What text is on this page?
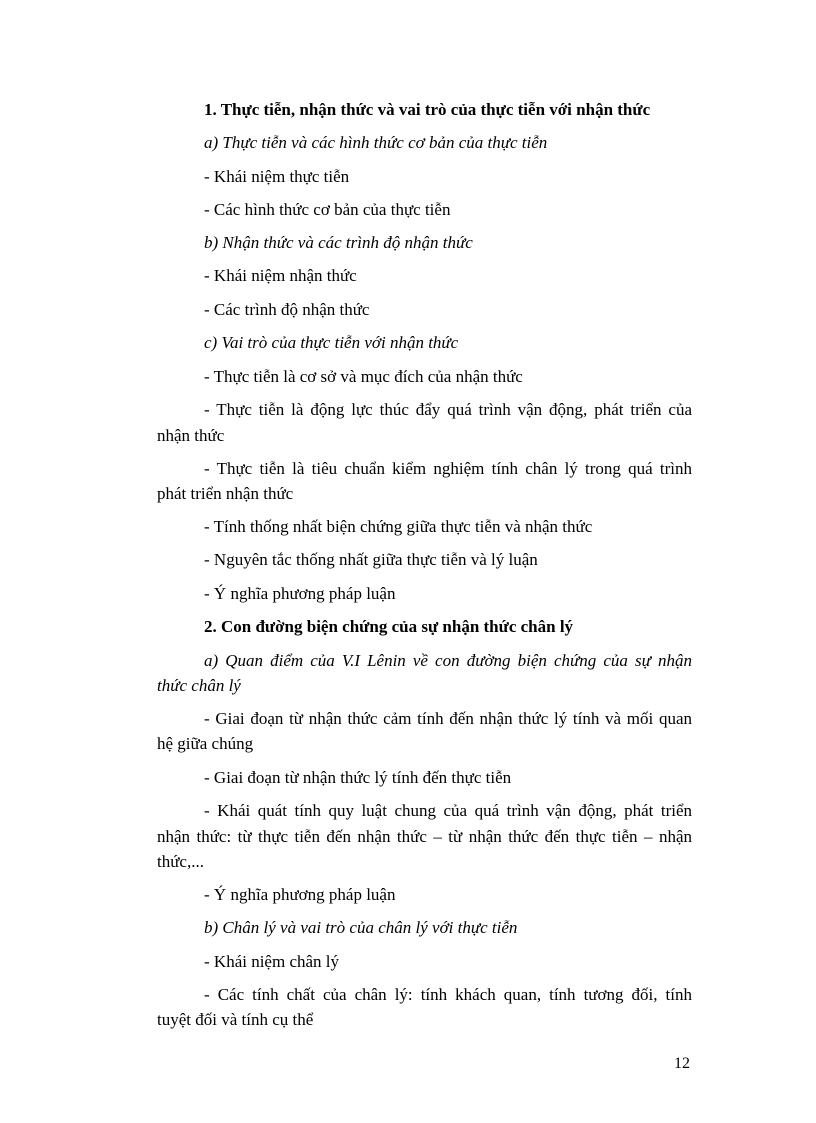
1. Thực tiễn, nhận thức và vai trò của thực tiễn với nhận thức
a) Thực tiễn và các hình thức cơ bản của thực tiễn
- Khái niệm thực tiễn
- Các hình thức cơ bản của thực tiễn
b) Nhận thức và các trình độ nhận thức
- Khái niệm nhận thức
- Các trình độ nhận thức
c) Vai trò của thực tiễn với nhận thức
- Thực tiễn là cơ sở và mục đích của nhận thức
- Thực tiễn là động lực thúc đẩy quá trình vận động, phát triển của
nhận thức
- Thực tiễn là tiêu chuẩn kiểm nghiệm tính chân lý trong quá trình
phát triển nhận thức
- Tính thống nhất biện chứng giữa thực tiễn và nhận thức
- Nguyên tắc thống nhất giữa thực tiễn và lý luận
- Ý nghĩa phương pháp luận
2. Con đường biện chứng của sự nhận thức chân lý
a) Quan điểm của V.I Lênin về con đường biện chứng của sự nhận
thức chân lý
- Giai đoạn từ nhận thức cảm tính đến nhận thức lý tính và mối quan
hệ giữa chúng
- Giai đoạn từ nhận thức lý tính đến thực tiễn
- Khái quát tính quy luật chung của quá trình vận động, phát triển
nhận thức: từ thực tiễn đến nhận thức – từ nhận thức đến thực tiễn – nhận
thức,...
- Ý nghĩa phương pháp luận
b) Chân lý và vai trò của chân lý với thực tiễn
- Khái niệm chân lý
- Các tính chất của chân lý: tính khách quan, tính tương đối, tính
tuyệt đối và tính cụ thể
12
